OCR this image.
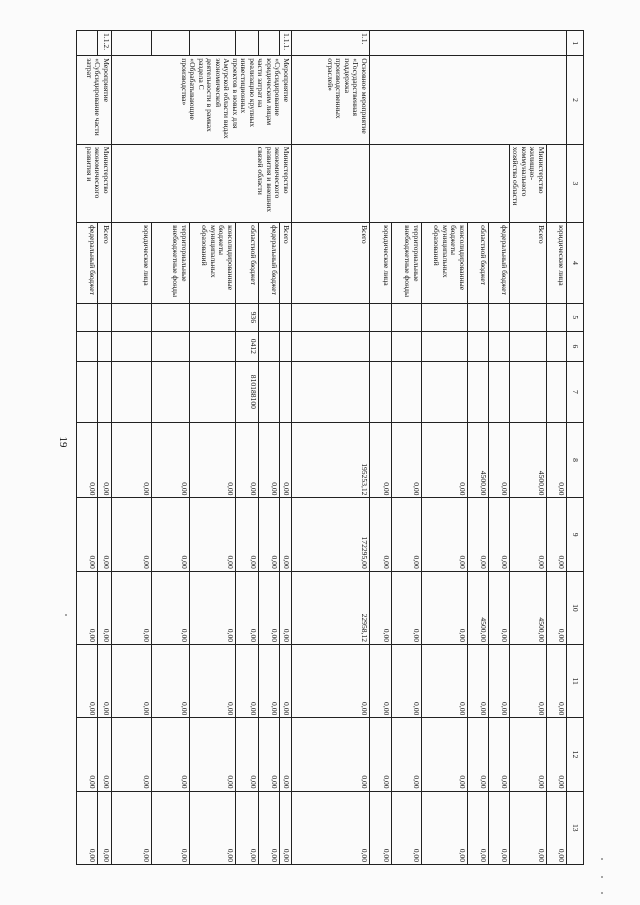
19
1	2	3	4	5	6	7	8	9	10	11	12	13
			юридические лица				0,00	0,00	0,00	0,00	0,00	0,00
		Министерство жилищно-коммунального хозяйства области	Всего				4500,00	0,00	4500,00	0,00	0,00	0,00
			федеральный бюджет				0,00	0,00	0,00	0,00	0,00	0,00
			областной бюджет				4500,00	0,00	4500,00	0,00	0,00	0,00
			консолидированные бюджеты муниципальных образований				0,00	0,00	0,00	0,00	0,00	0,00
			территориальные внебюджетные фонды				0,00	0,00	0,00	0,00	0,00	0,00
			юридические лица				0,00	0,00	0,00	0,00	0,00	0,00
1.1.	Основное мероприятие «Государственная поддержка производственных отраслей»		Всего				195253,12	172295,00	22958,12	0,00	0,00	0,00
1.1.1.	Мероприятие «Субсидирование юридическим лицам части затрат на реализацию крупных инвестиционных проектов в новых для Амурской области видах экономической деятельности в рамках раздела С «Обрабатывающие производства»	Министерство экономического развития и внешних связей области	Всего				0,00	0,00	0,00	0,00	0,00	0,00
			федеральный бюджет				0,00	0,00	0,00	0,00	0,00	0,00
			областной бюджет	936	0412	810188100	0,00	0,00	0,00	0,00	0,00	0,00
			консолидированные бюджеты муниципальных образований				0,00	0,00	0,00	0,00	0,00	0,00
			территориальные внебюджетные фонды				0,00	0,00	0,00	0,00	0,00	0,00
			юридические лица				0,00	0,00	0,00	0,00	0,00	0,00
1.1.2.	Мероприятие «Субсидирование части затрат	Министерство экономического развития и	Всего				0,00	0,00	0,00	0,00	0,00	0,00
			федеральный бюджет				0,00	0,00	0,00	0,00	0,00	0,00
